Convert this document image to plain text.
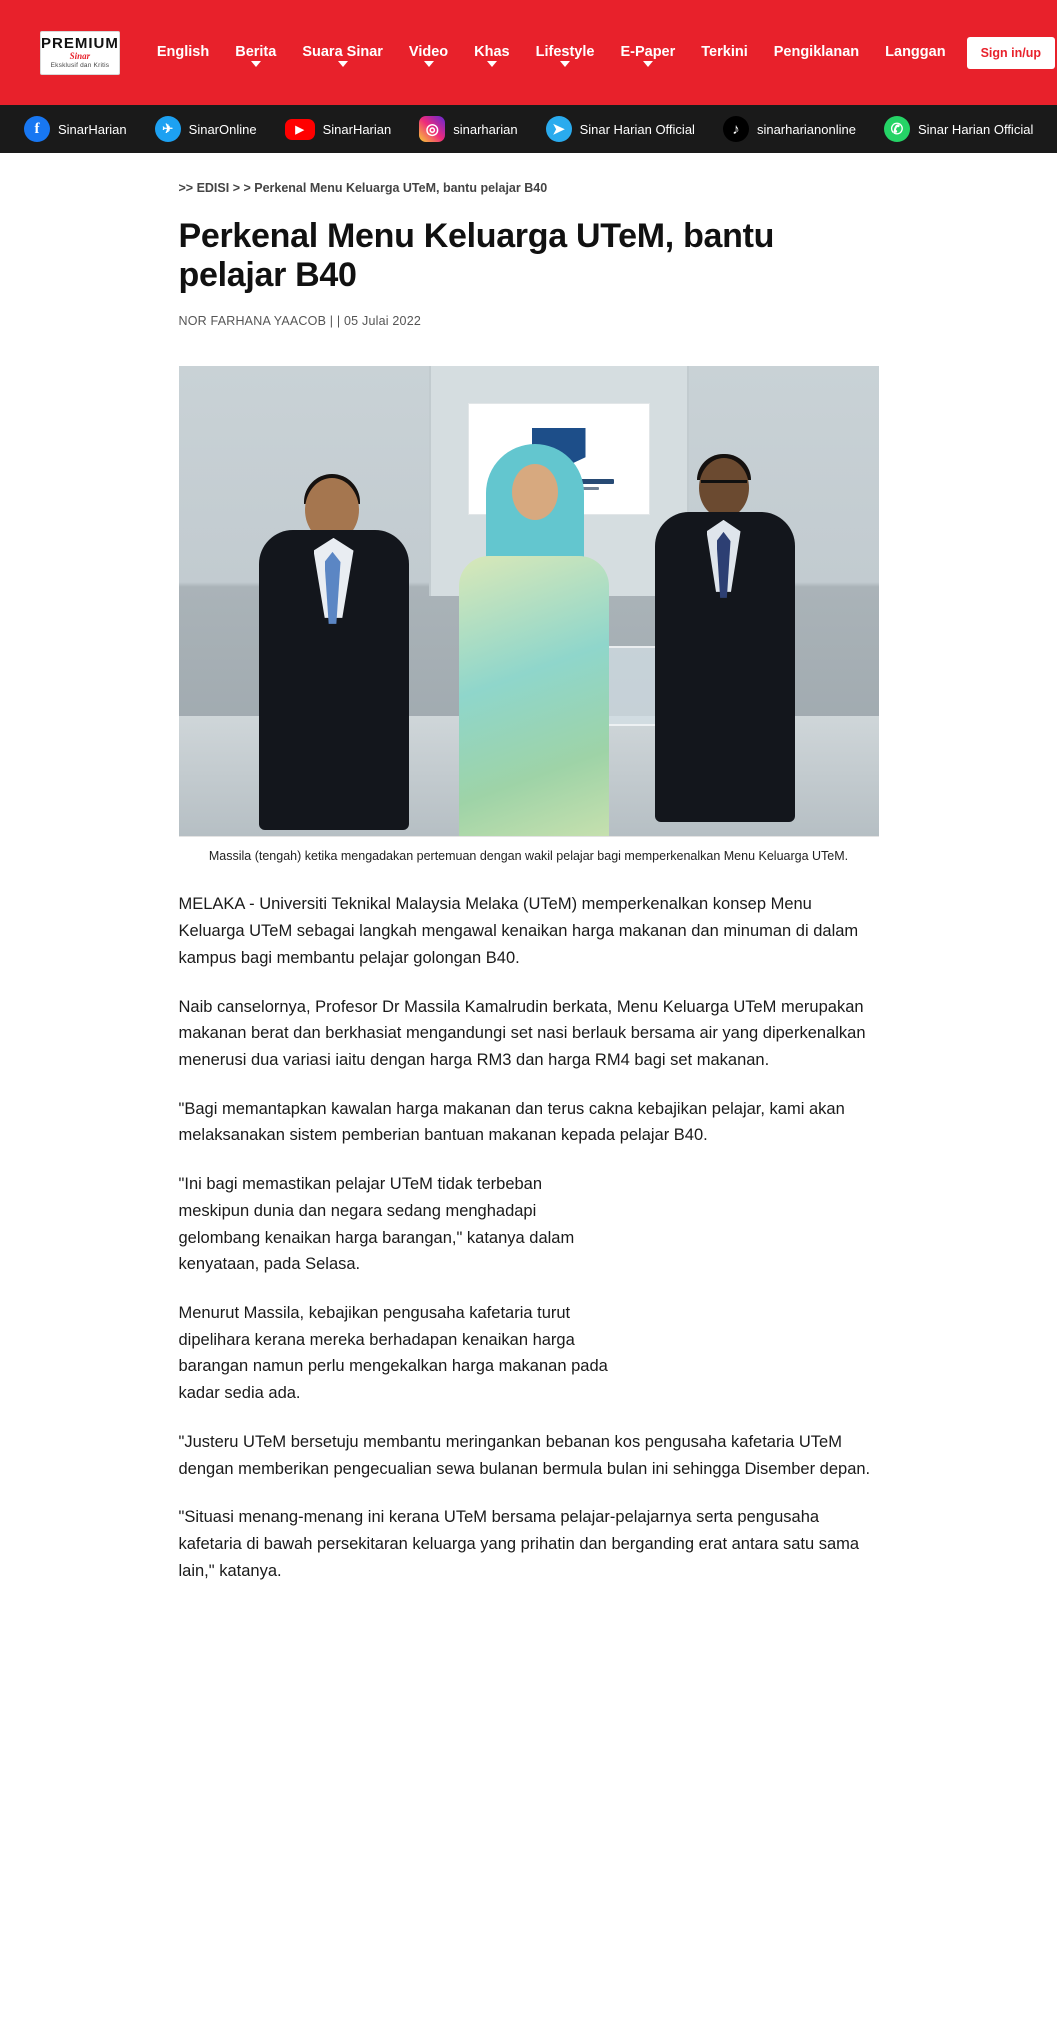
PREMIUM
Sinar
Eksklusif dan Kritis
English	Berita	Suara Sinar	Video	Khas	Lifestyle	E-Paper	Terkini	Pengiklanan	Langgan	Sign in/up
f	SinarHarian	✈	SinarOnline	▶	SinarHarian	◎	sinarharian	➤	Sinar Harian Official	♪	sinarharianonline	✆	Sinar Harian Official
>> EDISI > > Perkenal Menu Keluarga UTeM, bantu pelajar B40
Perkenal Menu Keluarga UTeM, bantu pelajar B40
NOR FARHANA YAACOB | | 05 Julai 2022
Massila (tengah) ketika mengadakan pertemuan dengan wakil pelajar bagi memperkenalkan Menu Keluarga UTeM.

MELAKA - Universiti Teknikal Malaysia Melaka (UTeM) memperkenalkan konsep Menu Keluarga UTeM sebagai langkah mengawal kenaikan harga makanan dan minuman di dalam kampus bagi membantu pelajar golongan B40.

Naib canselornya, Profesor Dr Massila Kamalrudin berkata, Menu Keluarga UTeM merupakan makanan berat dan berkhasiat mengandungi set nasi berlauk bersama air yang diperkenalkan menerusi dua variasi iaitu dengan harga RM3 dan harga RM4 bagi set makanan.

"Bagi memantapkan kawalan harga makanan dan terus cakna kebajikan pelajar, kami akan melaksanakan sistem pemberian bantuan makanan kepada pelajar B40.

"Ini bagi memastikan pelajar UTeM tidak terbeban meskipun dunia dan negara sedang menghadapi gelombang kenaikan harga barangan," katanya dalam kenyataan, pada Selasa.

Menurut Massila, kebajikan pengusaha kafetaria turut dipelihara kerana mereka berhadapan kenaikan harga barangan namun perlu mengekalkan harga makanan pada kadar sedia ada.

"Justeru UTeM bersetuju membantu meringankan bebanan kos pengusaha kafetaria UTeM dengan memberikan pengecualian sewa bulanan bermula bulan ini sehingga Disember depan.

"Situasi menang-menang ini kerana UTeM bersama pelajar-pelajarnya serta pengusaha kafetaria di bawah persekitaran keluarga yang prihatin dan berganding erat antara satu sama lain," katanya.
